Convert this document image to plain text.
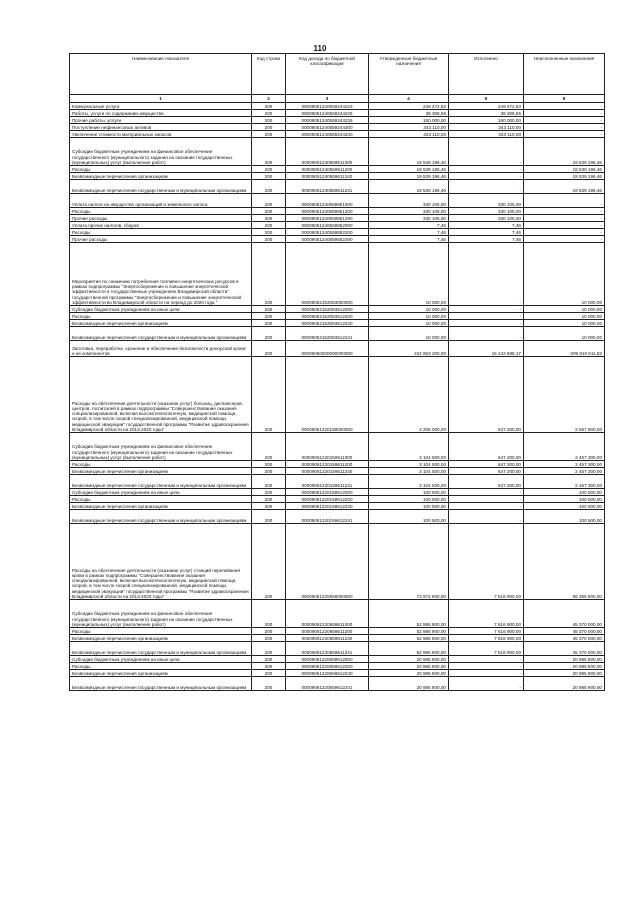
110
Наименование показателя	Код строки	Код дохода по бюджетной классификации	Утвержденные бюджетные назначения	Исполнено	Неисполненные назначения
1	2	3	4	5	6
Коммунальные услуги	200	00009051240559244223	249 472,53	249 472,53	-
Работы, услуги по содержанию имущества	200	00009051240559244225	39 308,55	39 308,55	-
Прочие работы, услуги	200	00009051240559244226	160 000,00	160 000,00	-
Поступление нефинансовых активов	200	00009051240559244300	343 110,00	343 110,00	-
Увеличение стоимости материальных запасов	200	00009051240559244340	343 110,00	343 110,00	-
Субсидии бюджетным учреждениям на финансовое обеспечение государственного (муниципального) задания на оказание государственных (муниципальных) услуг (выполнение работ)	200	00009051240559611000	19 539 196,46	-	19 539 196,46
Расходы	200	00009051240559611200	19 539 196,46	-	19 539 196,46
Безвозмездные перечисления организациям	200	00009051240559611240	19 539 196,46	-	19 539 196,46
Безвозмездные перечисления государственным и муниципальным организациям	200	00009051240559611241	19 539 196,46	-	19 539 196,46
Уплата налога на имущество организаций и земельного налога	200	00009051240559851000	330 105,00	330 105,00	-
Расходы	200	00009051240559851200	330 105,00	330 105,00	-
Прочие расходы	200	00009051240559851290	330 105,00	330 105,00	-
Уплата прочих налогов, сборов	200	00009051240559852000	7,46	7,46	-
Расходы	200	00009051240559852200	7,46	7,46	-
Прочие расходы	200	00009051240559852290	7,46	7,46	-
Мероприятия по снижению потребления топливно-энергетических ресурсов в рамках подпрограммы "Энергосбережение и повышение энергетической эффективности в государственных учреждениях Владимирской области" государственной программы "Энергосбережение и повышение энергетической эффективности во Владимирской области на период до 2020 года "	200	00009052152083000000	10 000,00	-	10 000,00
Субсидии бюджетным учреждениям на иные цели	200	00009052152083612000	10 000,00	-	10 000,00
Расходы	200	00009052152083612200	10 000,00	-	10 000,00
Безвозмездные перечисления организациям	200	00009052152083612240	10 000,00	-	10 000,00
Безвозмездные перечисления государственным и муниципальным организациям	200	00009052152083612241	10 000,00	-	10 000,00
Заготовка, переработка, хранение и обеспечение безопасности донорской крови и ее компонентов	200	00009060000000000000	224 953 200,00	15 142 588,17	209 810 611,83
Расходы на обеспечение деятельности (оказание услуг) больниц, диспансеров, центров, госпиталей в рамках подпрограммы "Совершенствование оказания специализированной, включая высокотехнологичную, медицинской помощи, скорой, в том числе скорой специализированной, медицинской помощи, медицинской эвакуации" государственной программы "Развитие здравоохранения Владимирской области на 2013-2020 годы"	200	00009061220159000000	3 205 000,00	647 200,00	2 557 800,00
Субсидии бюджетным учреждениям на финансовое обеспечение государственного (муниципального) задания на оказание государственных (муниципальных) услуг (выполнение работ)	200	00009061220159611000	3 104 500,00	647 200,00	2 457 300,00
Расходы	200	00009061220159611200	3 104 500,00	647 200,00	2 457 300,00
Безвозмездные перечисления организациям	200	00009061220159611240	3 104 500,00	647 200,00	2 457 300,00
Безвозмездные перечисления государственным и муниципальным организациям	200	00009061220159611241	3 104 500,00	647 200,00	2 457 300,00
Субсидии бюджетным учреждениям на иные цели	200	00009061220159612000	100 500,00	-	100 500,00
Расходы	200	00009061220159612200	100 500,00	-	100 500,00
Безвозмездные перечисления организациям	200	00009061220159612240	100 500,00	-	100 500,00
Безвозмездные перечисления государственным и муниципальным организациям	200	00009061220159612241	100 500,00	-	100 500,00
Расходы на обеспечение деятельности (оказание услуг) станций переливания крови в рамках подпрограммы "Совершенствование оказания специализированной, включая высокотехнологичную, медицинской помощи, скорой, в том числе скорой специализированной, медицинской помощи, медицинской эвакуации" государственной программы "Развитие здравоохранения Владимирской области на 2013-2020 годы"	200	00009061220659000000	73 972 600,00	7 616 900,00	66 355 900,00
Субсидии бюджетным учреждениям на финансовое обеспечение государственного (муниципального) задания на оказание государственных (муниципальных) услуг (выполнение работ)	200	00009061220659611000	52 986 900,00	7 616 900,00	45 370 000,00
Расходы	200	00009061220659611200	52 986 900,00	7 616 900,00	45 370 000,00
Безвозмездные перечисления организациям	200	00009061220659611240	52 986 900,00	7 616 900,00	45 370 000,00
Безвозмездные перечисления государственным и муниципальным организациям	200	00009061220659611241	52 986 900,00	7 616 900,00	45 370 000,00
Субсидии бюджетным учреждениям на иные цели	200	00009061220659612000	20 985 900,00	-	20 985 900,00
Расходы	200	00009061220659612200	20 985 900,00	-	20 985 900,00
Безвозмездные перечисления организациям	200	00009061220659612240	20 985 900,00	-	20 985 900,00
Безвозмездные перечисления государственным и муниципальным организациям	200	00009061220659612241	20 985 900,00	-	20 985 900,00
